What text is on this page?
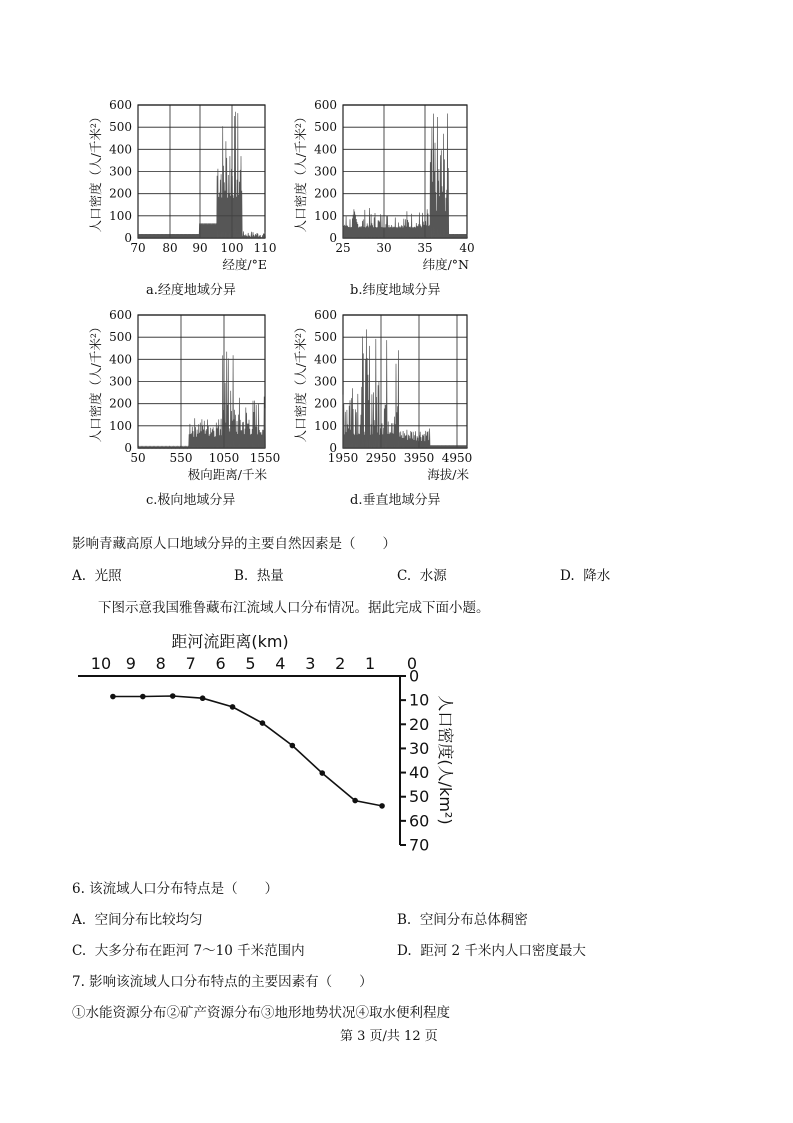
0
100
200
300
400
500
600
70 80 90 100 110
经度/°E
人口密度（人/千米²）
0
100
200
300
400
500
600
25 30 35 40
纬度/°N
人口密度（人/千米²）
0
100
200
300
400
500
600
50 550 1050 1550
极向距离/千米
人口密度（人/千米²）
0
100
200
300
400
500
600
1950 2950 3950 4950
海拔/米
人口密度（人/千米²）
a.经度地域分异	b.纬度地域分异
c.极向地域分异	d.垂直地域分异
影响青藏高原人口地域分异的主要自然因素是（　　）
A. 光照	B. 热量	C. 水源	D. 降水
下图示意我国雅鲁藏布江流域人口分布情况。据此完成下面小题。
距河流距离(km)
10 9 8 7 6 5 4 3 2 1 0
0
10
20
30
40
50
60
70
人口密度(人/km²)
6. 该流域人口分布特点是（　　）
A. 空间分布比较均匀	B. 空间分布总体稠密
C. 大多分布在距河 7～10 千米范围内	D. 距河 2 千米内人口密度最大
7. 影响该流域人口分布特点的主要因素有（　　）
①水能资源分布②矿产资源分布③地形地势状况④取水便利程度
第 3 页/共 12 页
